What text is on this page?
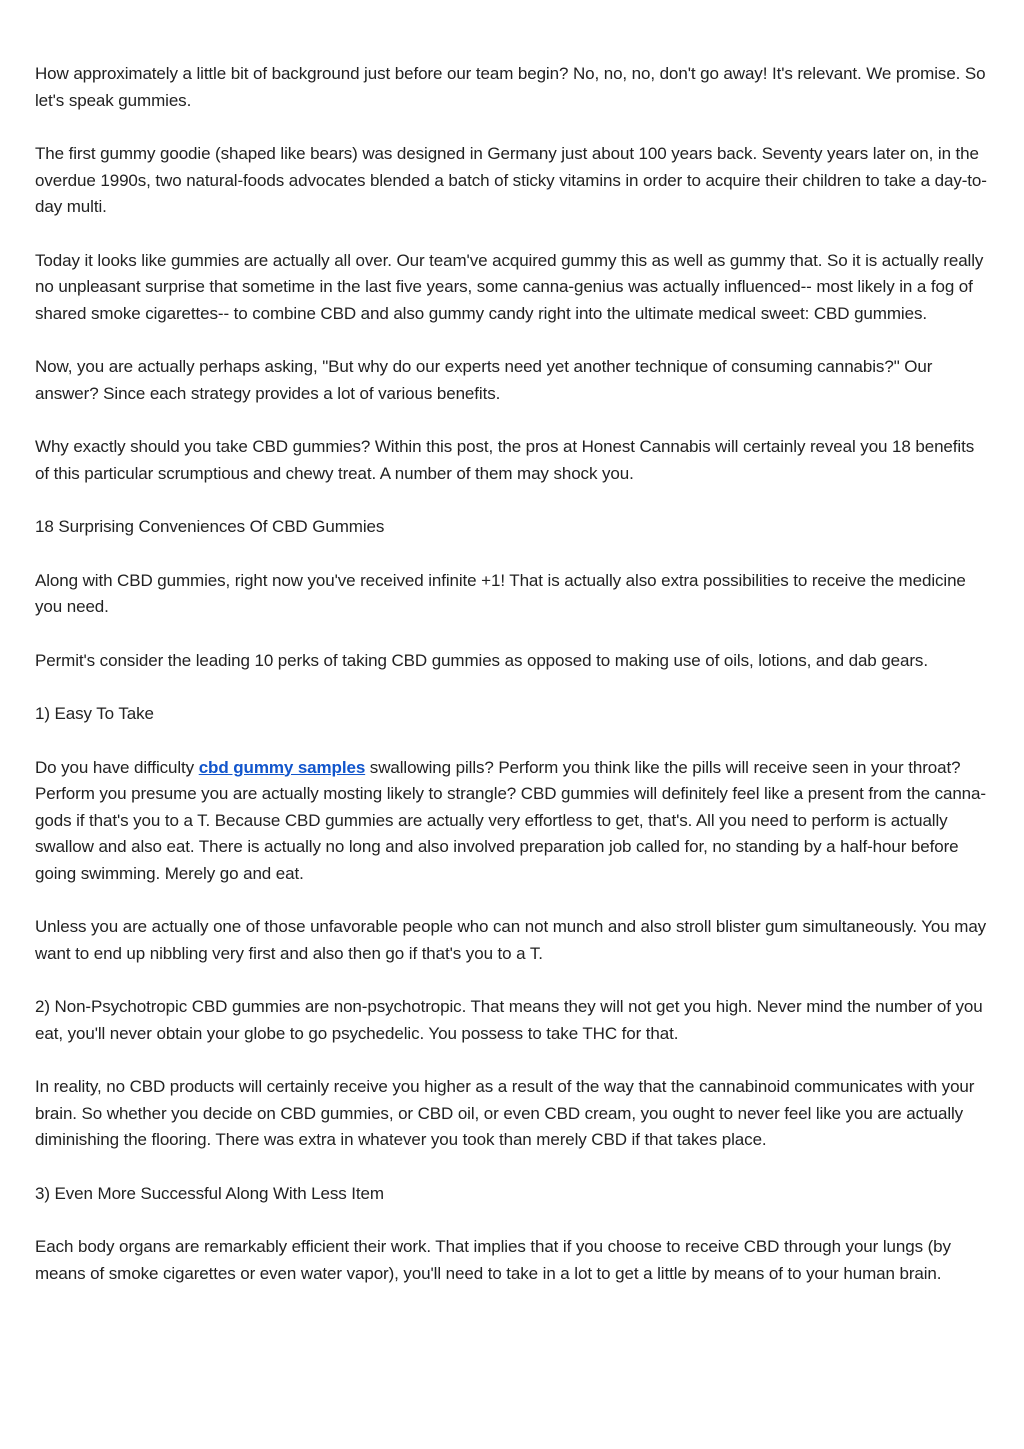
How approximately a little bit of background just before our team begin? No, no, no, don't go away! It's relevant. We promise. So let's speak gummies.

The first gummy goodie (shaped like bears) was designed in Germany just about 100 years back. Seventy years later on, in the overdue 1990s, two natural-foods advocates blended a batch of sticky vitamins in order to acquire their children to take a day-to-day multi.

Today it looks like gummies are actually all over. Our team've acquired gummy this as well as gummy that. So it is actually really no unpleasant surprise that sometime in the last five years, some canna-genius was actually influenced-- most likely in a fog of shared smoke cigarettes-- to combine CBD and also gummy candy right into the ultimate medical sweet: CBD gummies.

Now, you are actually perhaps asking, "But why do our experts need yet another technique of consuming cannabis?" Our answer? Since each strategy provides a lot of various benefits.

Why exactly should you take CBD gummies? Within this post, the pros at Honest Cannabis will certainly reveal you 18 benefits of this particular scrumptious and chewy treat. A number of them may shock you.

18 Surprising Conveniences Of CBD Gummies

Along with CBD gummies, right now you've received infinite +1! That is actually also extra possibilities to receive the medicine you need.

Permit's consider the leading 10 perks of taking CBD gummies as opposed to making use of oils, lotions, and dab gears.

1) Easy To Take

Do you have difficulty cbd gummy samples swallowing pills? Perform you think like the pills will receive seen in your throat? Perform you presume you are actually mosting likely to strangle? CBD gummies will definitely feel like a present from the canna-gods if that's you to a T. Because CBD gummies are actually very effortless to get, that's. All you need to perform is actually swallow and also eat. There is actually no long and also involved preparation job called for, no standing by a half-hour before going swimming. Merely go and eat.

Unless you are actually one of those unfavorable people who can not munch and also stroll blister gum simultaneously. You may want to end up nibbling very first and also then go if that's you to a T.

2) Non-Psychotropic CBD gummies are non-psychotropic. That means they will not get you high. Never mind the number of you eat, you'll never obtain your globe to go psychedelic. You possess to take THC for that.

In reality, no CBD products will certainly receive you higher as a result of the way that the cannabinoid communicates with your brain. So whether you decide on CBD gummies, or CBD oil, or even CBD cream, you ought to never feel like you are actually diminishing the flooring. There was extra in whatever you took than merely CBD if that takes place.

3) Even More Successful Along With Less Item

Each body organs are remarkably efficient their work. That implies that if you choose to receive CBD through your lungs (by means of smoke cigarettes or even water vapor), you'll need to take in a lot to get a little by means of to your human brain.
